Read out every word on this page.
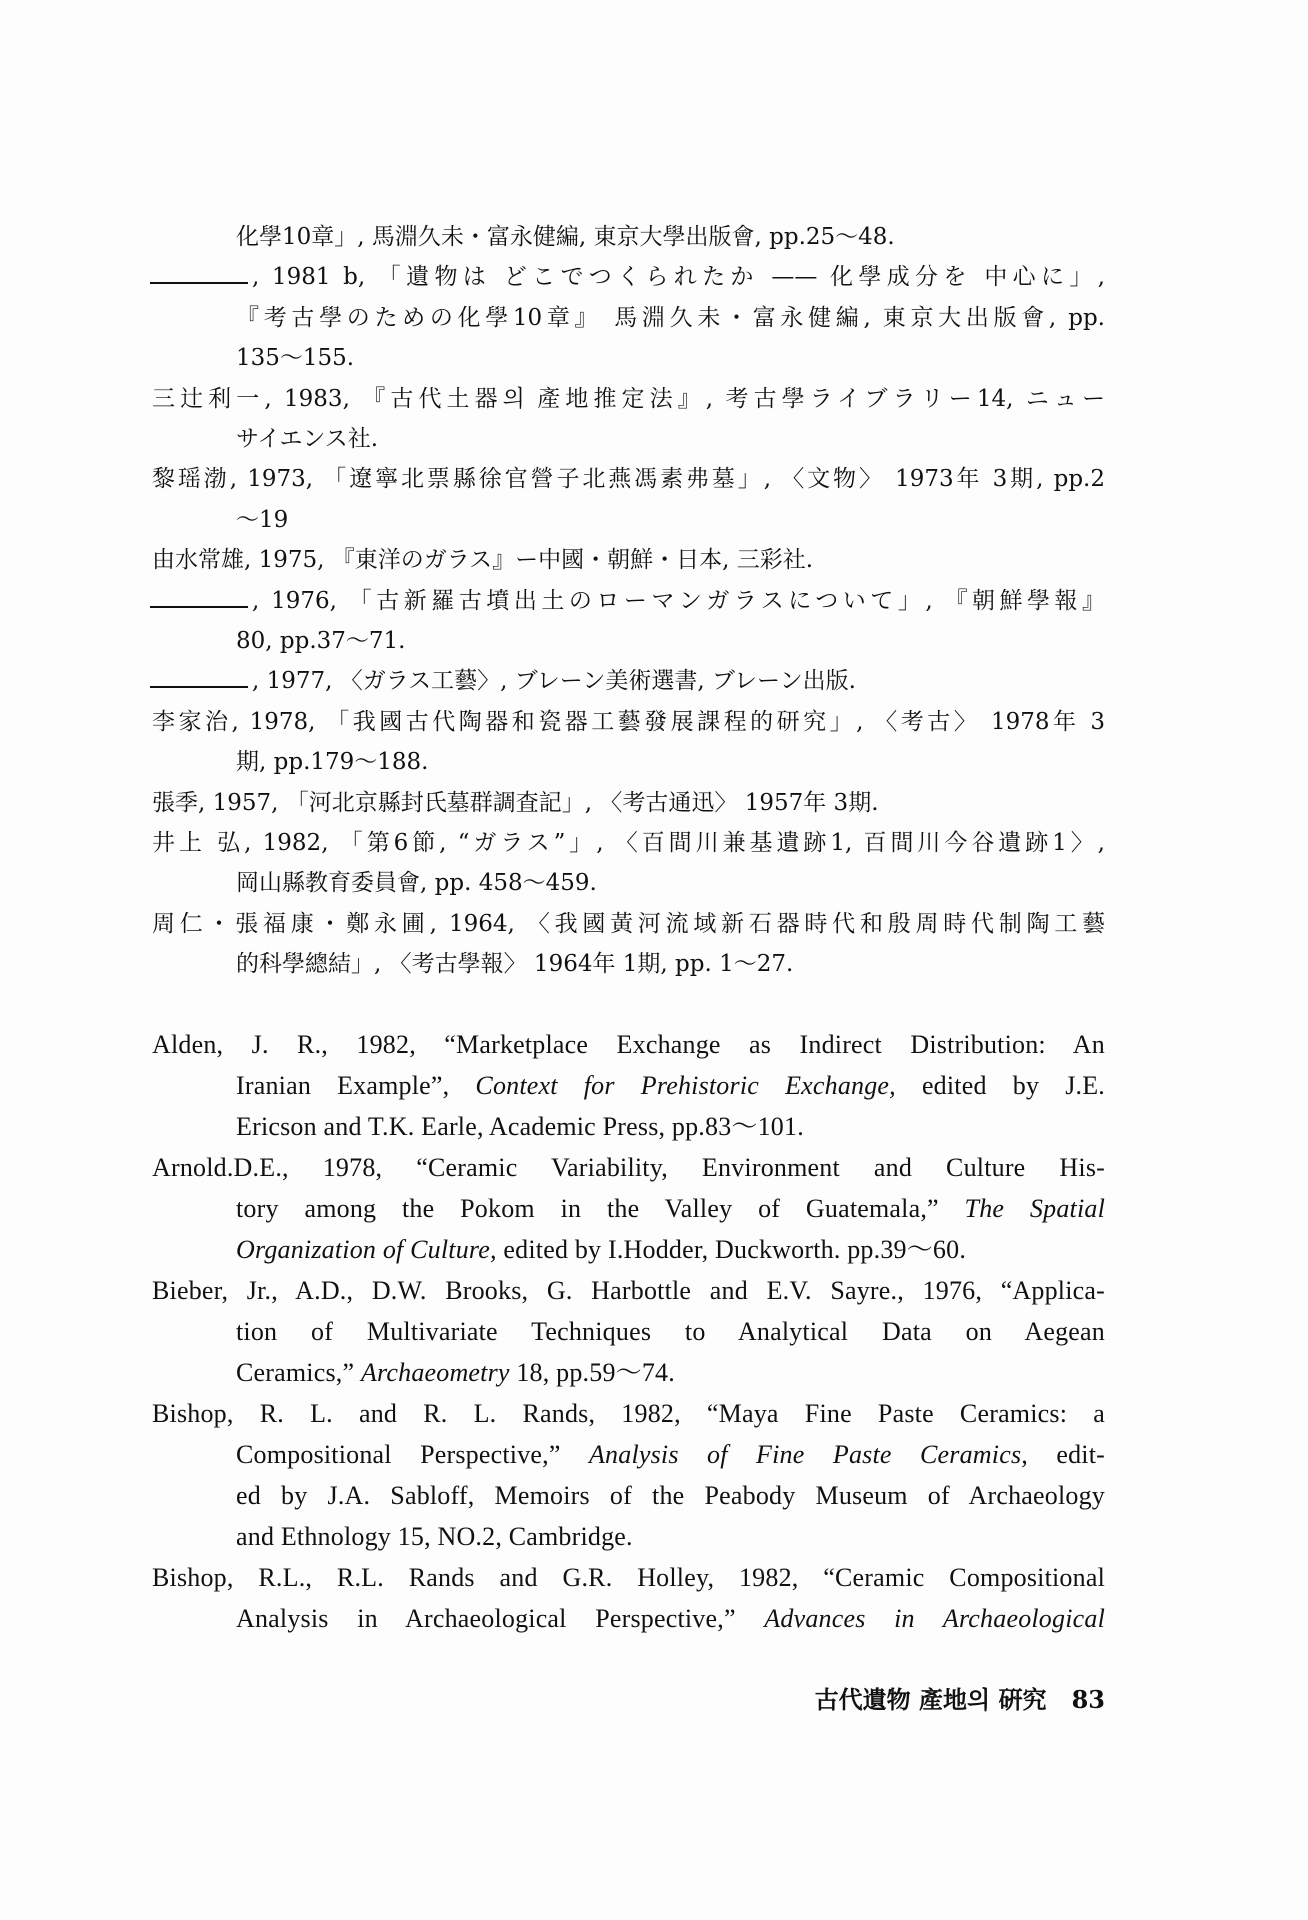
化學10章」, 馬淵久未・富永健編, 東京大學出版會, pp.25～48.
, 1981 b, 「遺物は どこでつくられたか —— 化學成分を 中心に」,
『考古學のための化學10章』 馬淵久未・富永健編, 東京大出版會, pp.
135～155.
三辻利一, 1983, 『古代土器의 產地推定法』, 考古學ライブラリー14, ニュー
サイエンス社.
黎瑶渤, 1973, 「遼寧北票縣徐官營子北燕馮素弗墓」, 〈文物〉 1973年 3期, pp.2
～19
由水常雄, 1975, 『東洋のガラス』ー中國・朝鮮・日本, 三彩社.
, 1976, 「古新羅古墳出土のローマンガラスについて」, 『朝鮮學報』
80, pp.37～71.
, 1977, 〈ガラス工藝〉, ブレーン美術選書, ブレーン出版.
李家治, 1978, 「我國古代陶器和瓷器工藝發展課程的研究」, 〈考古〉 1978年 3
期, pp.179～188.
張季, 1957, 「河北京縣封氏墓群調査記」, 〈考古通迅〉 1957年 3期.
井上 弘, 1982, 「第6節, “ガラス”」, 〈百間川兼基遺跡1, 百間川今谷遺跡1〉,
岡山縣教育委員會, pp. 458～459.
周仁・張福康・鄭永圃, 1964, 〈我國黃河流域新石器時代和殷周時代制陶工藝
的科學總結」, 〈考古學報〉 1964年 1期, pp. 1～27.
Alden, J. R., 1982, “Marketplace Exchange as Indirect Distribution: An
Iranian Example”, Context for Prehistoric Exchange, edited by J.E.
Ericson and T.K. Earle, Academic Press, pp.83～101.
Arnold.D.E., 1978, “Ceramic Variability, Environment and Culture His-
tory among the Pokom in the Valley of Guatemala,” The Spatial
Organization of Culture, edited by I.Hodder, Duckworth. pp.39～60.
Bieber, Jr., A.D., D.W. Brooks, G. Harbottle and E.V. Sayre., 1976, “Applica-
tion of Multivariate Techniques to Analytical Data on Aegean
Ceramics,” Archaeometry 18, pp.59～74.
Bishop, R. L. and R. L. Rands, 1982, “Maya Fine Paste Ceramics: a
Compositional Perspective,” Analysis of Fine Paste Ceramics, edit-
ed by J.A. Sabloff, Memoirs of the Peabody Museum of Archaeology
and Ethnology 15, NO.2, Cambridge.
Bishop, R.L., R.L. Rands and G.R. Holley, 1982, “Ceramic Compositional
Analysis in Archaeological Perspective,” Advances in Archaeological
古代遺物 產地의 硏究 83
